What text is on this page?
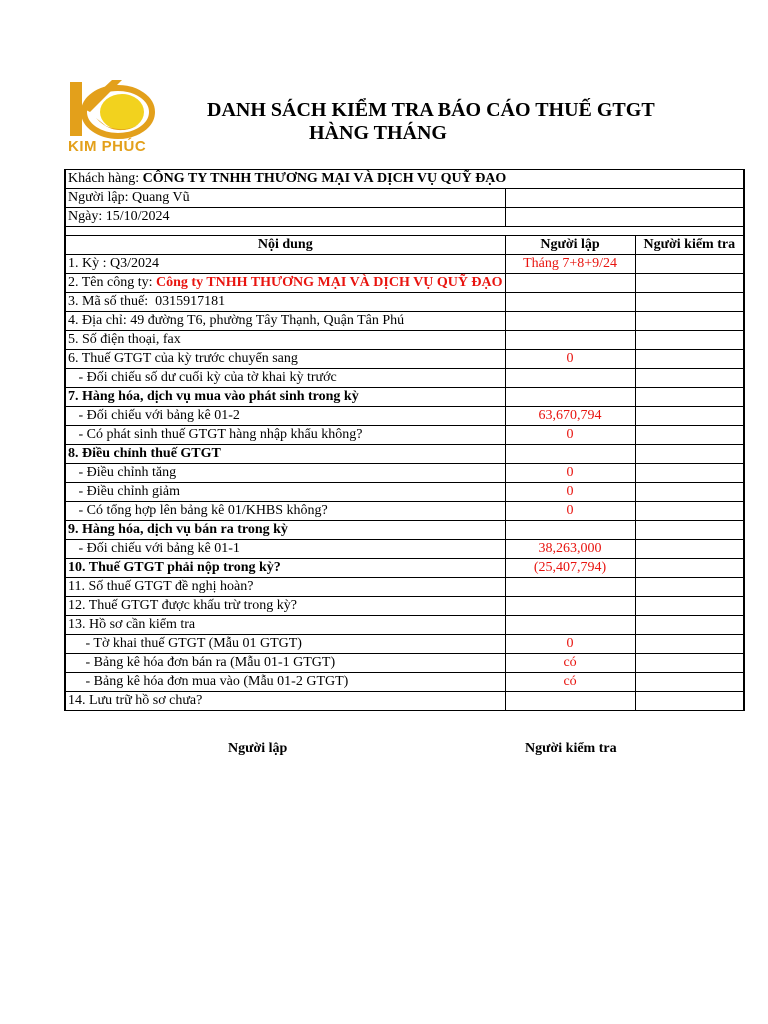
KIM PHÚC
DANH SÁCH KIỂM TRA BÁO CÁO THUẾ GTGT
HÀNG THÁNG
Khách hàng: CÔNG TY TNHH THƯƠNG MẠI VÀ DỊCH VỤ QUỸ ĐẠO		
Người lập: Quang Vũ		
Ngày: 15/10/2024		

Nội dung	Người lập	Người kiểm tra
1. Kỳ : Q3/2024	Tháng 7+8+9/24	
2. Tên công ty: Công ty TNHH THƯƠNG MẠI VÀ DỊCH VỤ QUỸ ĐẠO		
3. Mã số thuế:  0315917181		
4. Địa chỉ: 49 đường T6, phường Tây Thạnh, Quận Tân Phú		
5. Số điện thoại, fax		
6. Thuế GTGT của kỳ trước chuyển sang	0	
- Đối chiếu số dư cuối kỳ của tờ khai kỳ trước		
7. Hàng hóa, dịch vụ mua vào phát sinh trong kỳ		
- Đối chiếu với bảng kê 01-2	63,670,794	
- Có phát sinh thuế GTGT hàng nhập khẩu không?	0	
8. Điều chỉnh thuế GTGT		
- Điều chỉnh tăng	0	
- Điều chỉnh giảm	0	
- Có tổng hợp lên bảng kê 01/KHBS không?	0	
9. Hàng hóa, dịch vụ bán ra trong kỳ		
- Đối chiếu với bảng kê 01-1	38,263,000	
10. Thuế GTGT phải nộp trong kỳ?	(25,407,794)	
11. Số thuế GTGT đề nghị hoàn?		
12. Thuế GTGT được khấu trừ trong kỳ?		
13. Hồ sơ cần kiểm tra		
- Tờ khai thuế GTGT (Mẫu 01 GTGT)	0	
- Bảng kê hóa đơn bán ra (Mẫu 01-1 GTGT)	có	
- Bảng kê hóa đơn mua vào (Mẫu 01-2 GTGT)	có	
14. Lưu trữ hồ sơ chưa?		
Người lập	Người kiểm tra
